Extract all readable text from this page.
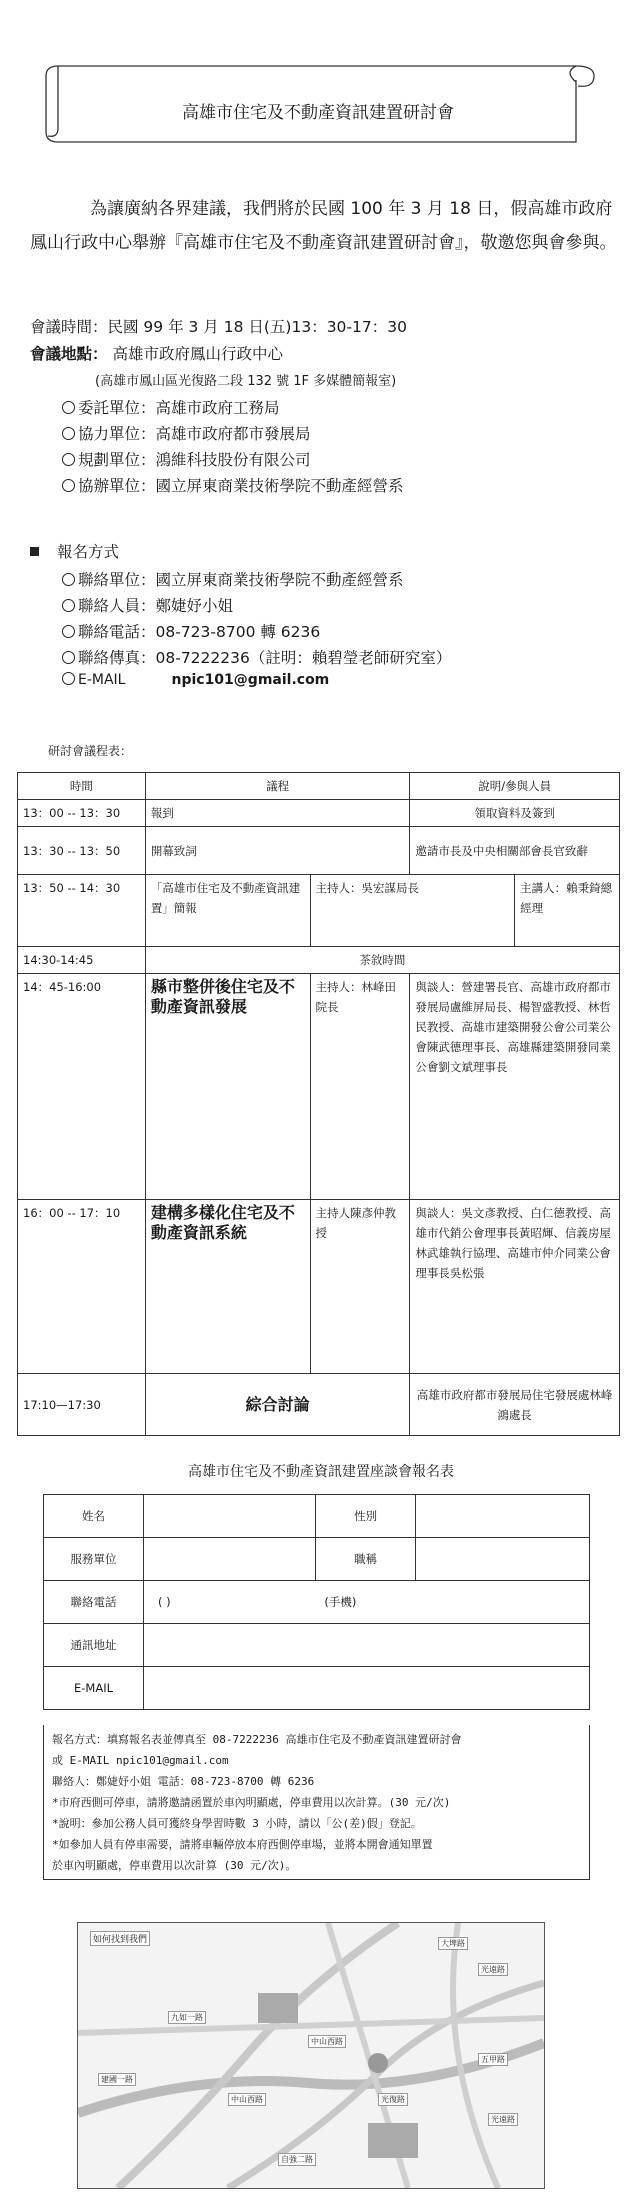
高雄市住宅及不動產資訊建置研討會
為讓廣納各界建議，我們將於民國 100 年 3 月 18 日，假高雄市政府鳳山行政中心舉辦『高雄市住宅及不動產資訊建置研討會』，敬邀您與會參與。
會議時間：民國 99 年 3 月 18 日(五)13：30-17：30
會議地點： 高雄市政府鳳山行政中心
(高雄市鳳山區光復路二段 132 號 1F 多媒體簡報室)
委託單位：高雄市政府工務局
協力單位：高雄市政府都市發展局
規劃單位：鴻維科技股份有限公司
協辦單位：國立屏東商業技術學院不動產經營系
報名方式
聯絡單位：國立屏東商業技術學院不動產經營系
聯絡人員：鄭婕妤小姐
聯絡電話：08-723-8700 轉 6236
聯絡傳真：08-7222236（註明：賴碧瑩老師研究室）
E-MAIL	npic101@gmail.com
研討會議程表：
時間	議程		說明/參與人員	
13：00 -- 13：30	報到		領取資料及簽到	
13：30 -- 13：50	開幕致詞		邀請市長及中央相關部會長官致辭	
13：50 -- 14：30	「高雄市住宅及不動產資訊建置」簡報	主持人：吳宏謀局長		主講人：賴秉錡總經理
14:30-14:45	茶敘時間			
14：45-16:00	縣市整併後住宅及不動產資訊發展	主持人：林峰田院長	與談人：營建署長官、高雄市政府都市發展局盧維屏局長、楊智盛教授、林哲民教授、高雄市建築開發公會公司業公會陳武德理事長、高雄縣建築開發同業公會劉文斌理事長	
16：00 -- 17：10	建構多樣化住宅及不動產資訊系統	主持人陳彥仲教授	與談人：吳文彥教授、白仁德教授、高雄市代銷公會理事長黃昭輝、信義房屋林武雄執行協理、高雄市仲介同業公會理事長吳松張	
17:10—17:30	綜合討論		高雄市政府都市發展局住宅發展處林峰鴻處長	
高雄市住宅及不動產資訊建置座談會報名表
姓名		性別	
服務單位		職稱	
聯絡電話	( ) (手機)		
通訊地址			
E-MAIL			
報名方式：填寫報名表並傳真至 08-7222236 高雄市住宅及不動產資訊建置研討會
或 E-MAIL npic101@gmail.com
聯絡人：鄭婕妤小姐 電話：08-723-8700 轉 6236
*市府西側可停車，請將邀請函置於車內明顯處，停車費用以次計算。(30 元/次)
*說明：參加公務人員可獲終身學習時數 3 小時，請以「公(差)假」登記。
*如參加人員有停車需要，請將車輛停放本府西側停車場，並將本開會通知單置
於車內明顯處，停車費用以次計算 (30 元/次)。
如何找到我們	大埤路
光遠路
中山西路
九如一路
建國一路
中山西路
五甲路
光復路
光遠路
自強二路
